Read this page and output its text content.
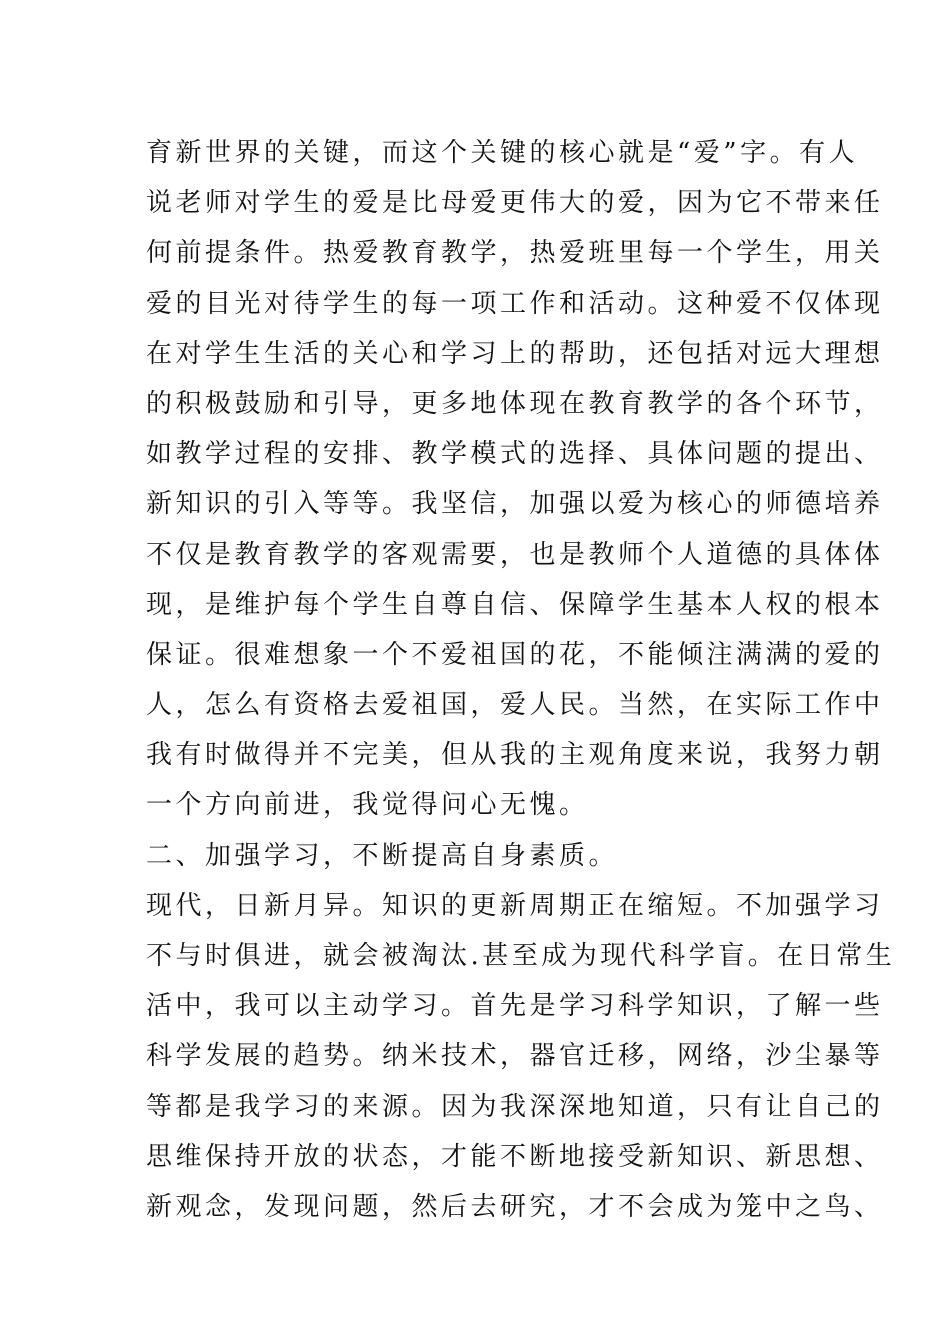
育新世界的关键，而这个关键的核心就是“爱”字。有人
说老师对学生的爱是比母爱更伟大的爱，因为它不带来任
何前提条件。热爱教育教学，热爱班里每一个学生，用关
爱的目光对待学生的每一项工作和活动。这种爱不仅体现
在对学生生活的关心和学习上的帮助，还包括对远大理想
的积极鼓励和引导，更多地体现在教育教学的各个环节，
如教学过程的安排、教学模式的选择、具体问题的提出、
新知识的引入等等。我坚信，加强以爱为核心的师德培养
不仅是教育教学的客观需要，也是教师个人道德的具体体
现，是维护每个学生自尊自信、保障学生基本人权的根本
保证。很难想象一个不爱祖国的花，不能倾注满满的爱的
人，怎么有资格去爱祖国，爱人民。当然，在实际工作中
我有时做得并不完美，但从我的主观角度来说，我努力朝
一个方向前进，我觉得问心无愧。
二、加强学习，不断提高自身素质。
现代，日新月异。知识的更新周期正在缩短。不加强学习
不与时俱进，就会被淘汰.甚至成为现代科学盲。在日常生
活中，我可以主动学习。首先是学习科学知识，了解一些
科学发展的趋势。纳米技术，器官迁移，网络，沙尘暴等
等都是我学习的来源。因为我深深地知道，只有让自己的
思维保持开放的状态，才能不断地接受新知识、新思想、
新观念，发现问题，然后去研究，才不会成为笼中之鸟、
